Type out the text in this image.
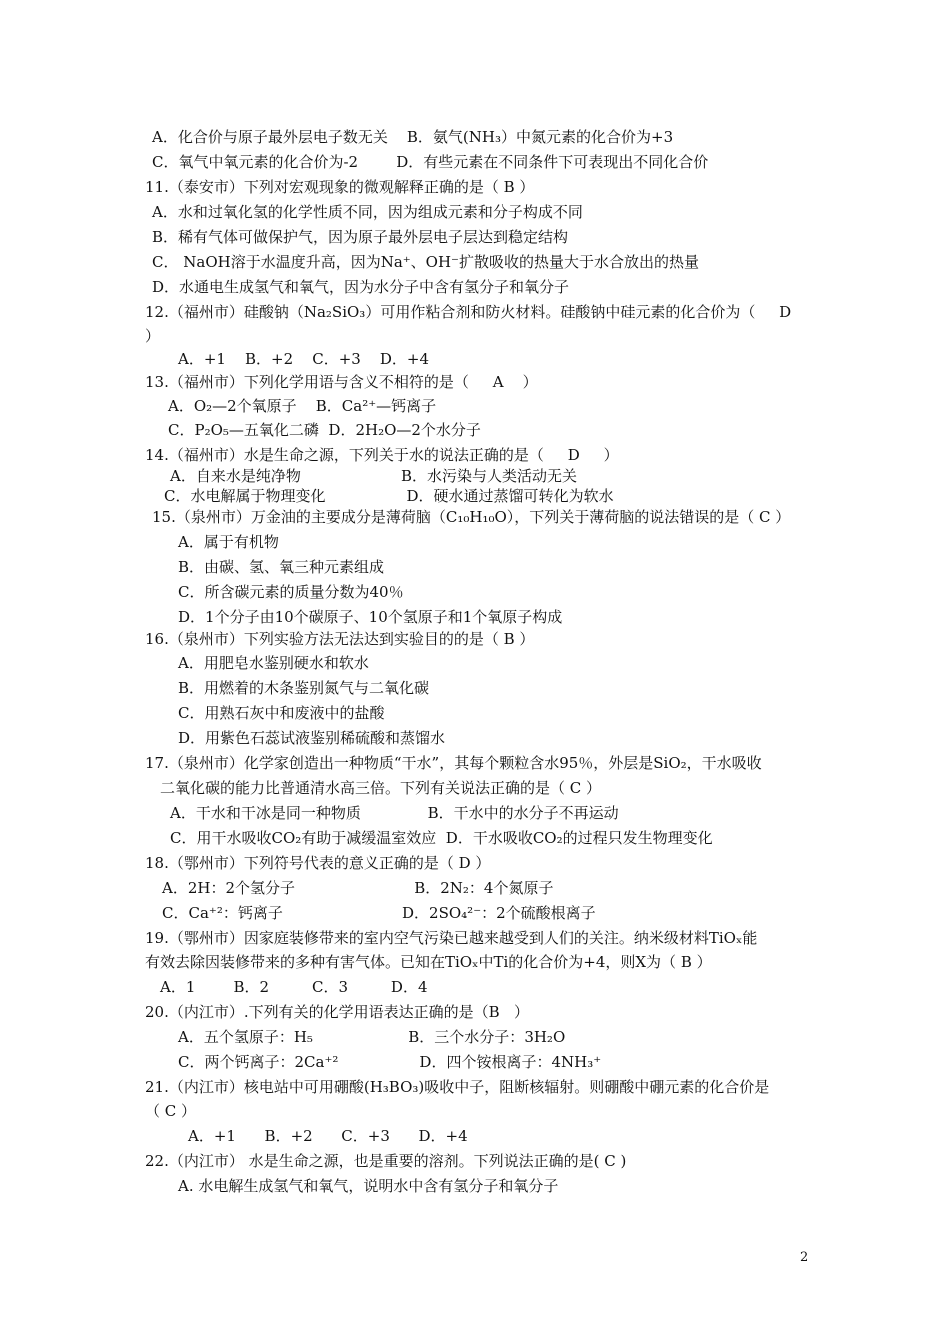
A．化合价与原子最外层电子数无关    B．氨气(NH₃）中氮元素的化合价为+3
C．氧气中氧元素的化合价为-2        D．有些元素在不同条件下可表现出不同化合价
11.（泰安市）下列对宏观现象的微观解释正确的是（ B ）
A．水和过氧化氢的化学性质不同，因为组成元素和分子构成不同
B．稀有气体可做保护气，因为原子最外层电子层达到稳定结构
C． NaOH溶于水温度升高，因为Na⁺、OH⁻扩散吸收的热量大于水合放出的热量
D．水通电生成氢气和氧气，因为水分子中含有氢分子和氧分子
12.（福州市）硅酸钠（Na₂SiO₃）可用作粘合剂和防火材料。硅酸钠中硅元素的化合价为（     D
）
A．+1    B．+2    C．+3    D．+4
13.（福州市）下列化学用语与含义不相符的是（     A    ）
A．O₂—2个氧原子    B．Ca²⁺—钙离子
C．P₂O₅—五氧化二磷  D．2H₂O—2个水分子
14.（福州市）水是生命之源，下列关于水的说法正确的是（     D     ）
A．自来水是纯净物                     B．水污染与人类活动无关
C．水电解属于物理变化                 D．硬水通过蒸馏可转化为软水
15.（泉州市）万金油的主要成分是薄荷脑（C₁₀H₁₀O），下列关于薄荷脑的说法错误的是（ C ）
A．属于有机物
B．由碳、氢、氧三种元素组成
C．所含碳元素的质量分数为40％
D．1个分子由10个碳原子、10个氢原子和1个氧原子构成
16.（泉州市）下列实验方法无法达到实验目的的是（ B ）
A．用肥皂水鉴别硬水和软水
B．用燃着的木条鉴别氮气与二氧化碳
C．用熟石灰中和废液中的盐酸
D．用紫色石蕊试液鉴别稀硫酸和蒸馏水
17.（泉州市）化学家创造出一种物质“干水”，其每个颗粒含水95％，外层是SiO₂，干水吸收
二氧化碳的能力比普通清水高三倍。下列有关说法正确的是（ C ）
A．干水和干冰是同一种物质              B．干水中的水分子不再运动
C．用干水吸收CO₂有助于减缓温室效应  D．干水吸收CO₂的过程只发生物理变化
18.（鄂州市）下列符号代表的意义正确的是（ D ）
A．2H：2个氢分子                         B．2N₂：4个氮原子
C．Ca⁺²：钙离子                         D．2SO₄²⁻：2个硫酸根离子
19.（鄂州市）因家庭装修带来的室内空气污染已越来越受到人们的关注。纳米级材料TiOₓ能
有效去除因装修带来的多种有害气体。已知在TiOₓ中Ti的化合价为+4，则X为（ B ）
A．1        B．2         C．3         D．4
20.（内江市）.下列有关的化学用语表达正确的是（B   ）
A．五个氢原子：H₅                    B．三个水分子：3H₂O
C．两个钙离子：2Ca⁺²                 D．四个铵根离子：4NH₃⁺
21.（内江市）核电站中可用硼酸(H₃BO₃)吸收中子，阻断核辐射。则硼酸中硼元素的化合价是
（ C ）
A．+1      B．+2      C．+3      D．+4
22.（内江市） 水是生命之源，也是重要的溶剂。下列说法正确的是( C )
A. 水电解生成氢气和氧气，说明水中含有氢分子和氧分子
2
